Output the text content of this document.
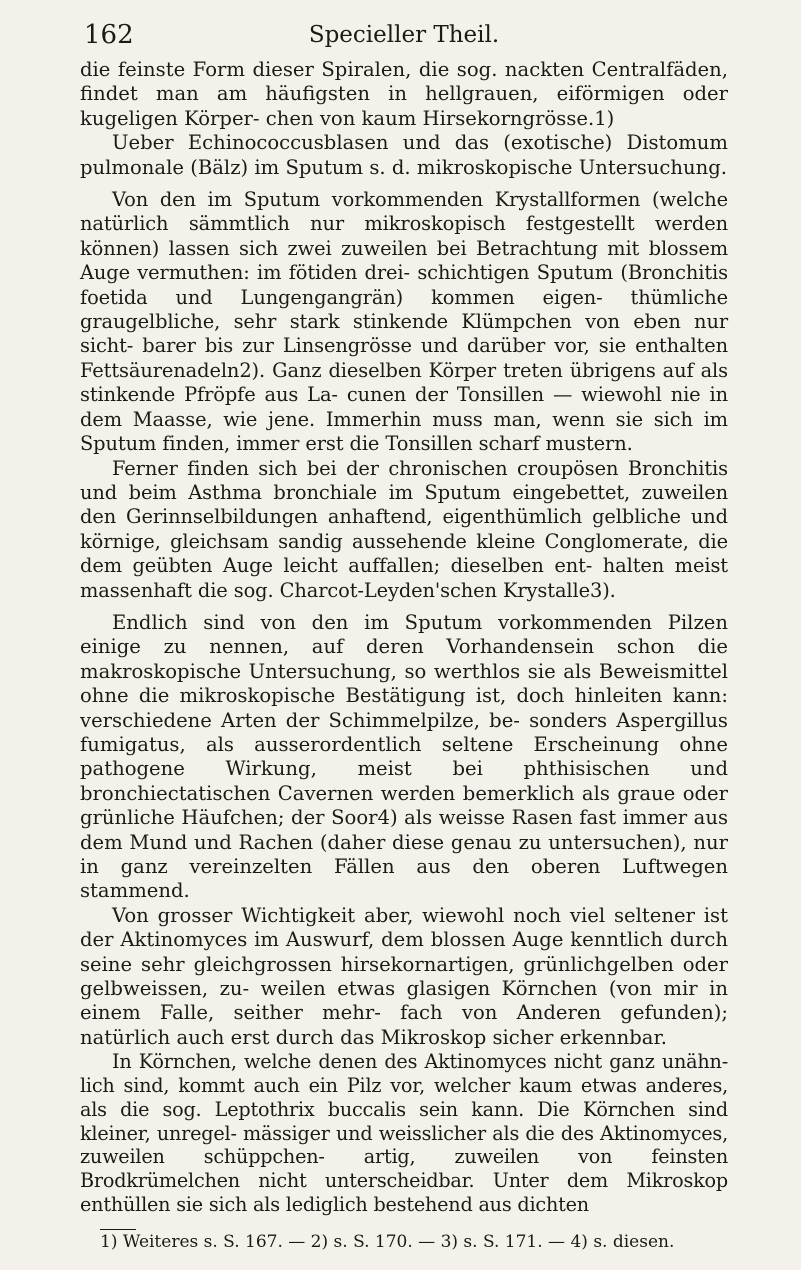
162	Specieller Theil.

die feinste Form dieser Spiralen, die sog. nackten Centralfäden, findet man am häufigsten in hellgrauen, eiförmigen oder kugeligen Körper- chen von kaum Hirsekorngrösse.1)

Ueber Echinococcusblasen und das (exotische) Distomum pulmonale (Bälz) im Sputum s. d. mikroskopische Untersuchung.

Von den im Sputum vorkommenden Krystallformen (welche natürlich sämmtlich nur mikroskopisch festgestellt werden können) lassen sich zwei zuweilen bei Betrachtung mit blossem Auge vermuthen: im fötiden drei- schichtigen Sputum (Bronchitis foetida und Lungengangrän) kommen eigen- thümliche graugelbliche, sehr stark stinkende Klümpchen von eben nur sicht- barer bis zur Linsengrösse und darüber vor, sie enthalten Fettsäurenadeln2). Ganz dieselben Körper treten übrigens auf als stinkende Pfröpfe aus La- cunen der Tonsillen — wiewohl nie in dem Maasse, wie jene. Immerhin muss man, wenn sie sich im Sputum finden, immer erst die Tonsillen scharf mustern.

Ferner finden sich bei der chronischen croupösen Bronchitis und beim Asthma bronchiale im Sputum eingebettet, zuweilen den Gerinnselbildungen anhaftend, eigenthümlich gelbliche und körnige, gleichsam sandig aussehende kleine Conglomerate, die dem geübten Auge leicht auffallen; dieselben ent- halten meist massenhaft die sog. Charcot-Leyden'schen Krystalle3).

Endlich sind von den im Sputum vorkommenden Pilzen einige zu nennen, auf deren Vorhandensein schon die makroskopische Untersuchung, so werthlos sie als Beweismittel ohne die mikroskopische Bestätigung ist, doch hinleiten kann: verschiedene Arten der Schimmelpilze, be- sonders Aspergillus fumigatus, als ausserordentlich seltene Erscheinung ohne pathogene Wirkung, meist bei phthisischen und bronchiectatischen Cavernen werden bemerklich als graue oder grünliche Häufchen; der Soor4) als weisse Rasen fast immer aus dem Mund und Rachen (daher diese genau zu untersuchen), nur in ganz vereinzelten Fällen aus den oberen Luftwegen stammend.

Von grosser Wichtigkeit aber, wiewohl noch viel seltener ist der Aktinomyces im Auswurf, dem blossen Auge kenntlich durch seine sehr gleichgrossen hirsekornartigen, grünlichgelben oder gelbweissen, zu- weilen etwas glasigen Körnchen (von mir in einem Falle, seither mehr- fach von Anderen gefunden); natürlich auch erst durch das Mikroskop sicher erkennbar.

In Körnchen, welche denen des Aktinomyces nicht ganz unähn- lich sind, kommt auch ein Pilz vor, welcher kaum etwas anderes, als die sog. Leptothrix buccalis sein kann. Die Körnchen sind kleiner, unregel- mässiger und weisslicher als die des Aktinomyces, zuweilen schüppchen- artig, zuweilen von feinsten Brodkrümelchen nicht unterscheidbar. Unter dem Mikroskop enthüllen sie sich als lediglich bestehend aus dichten

1) Weiteres s. S. 167. — 2) s. S. 170. — 3) s. S. 171. — 4) s. diesen.
